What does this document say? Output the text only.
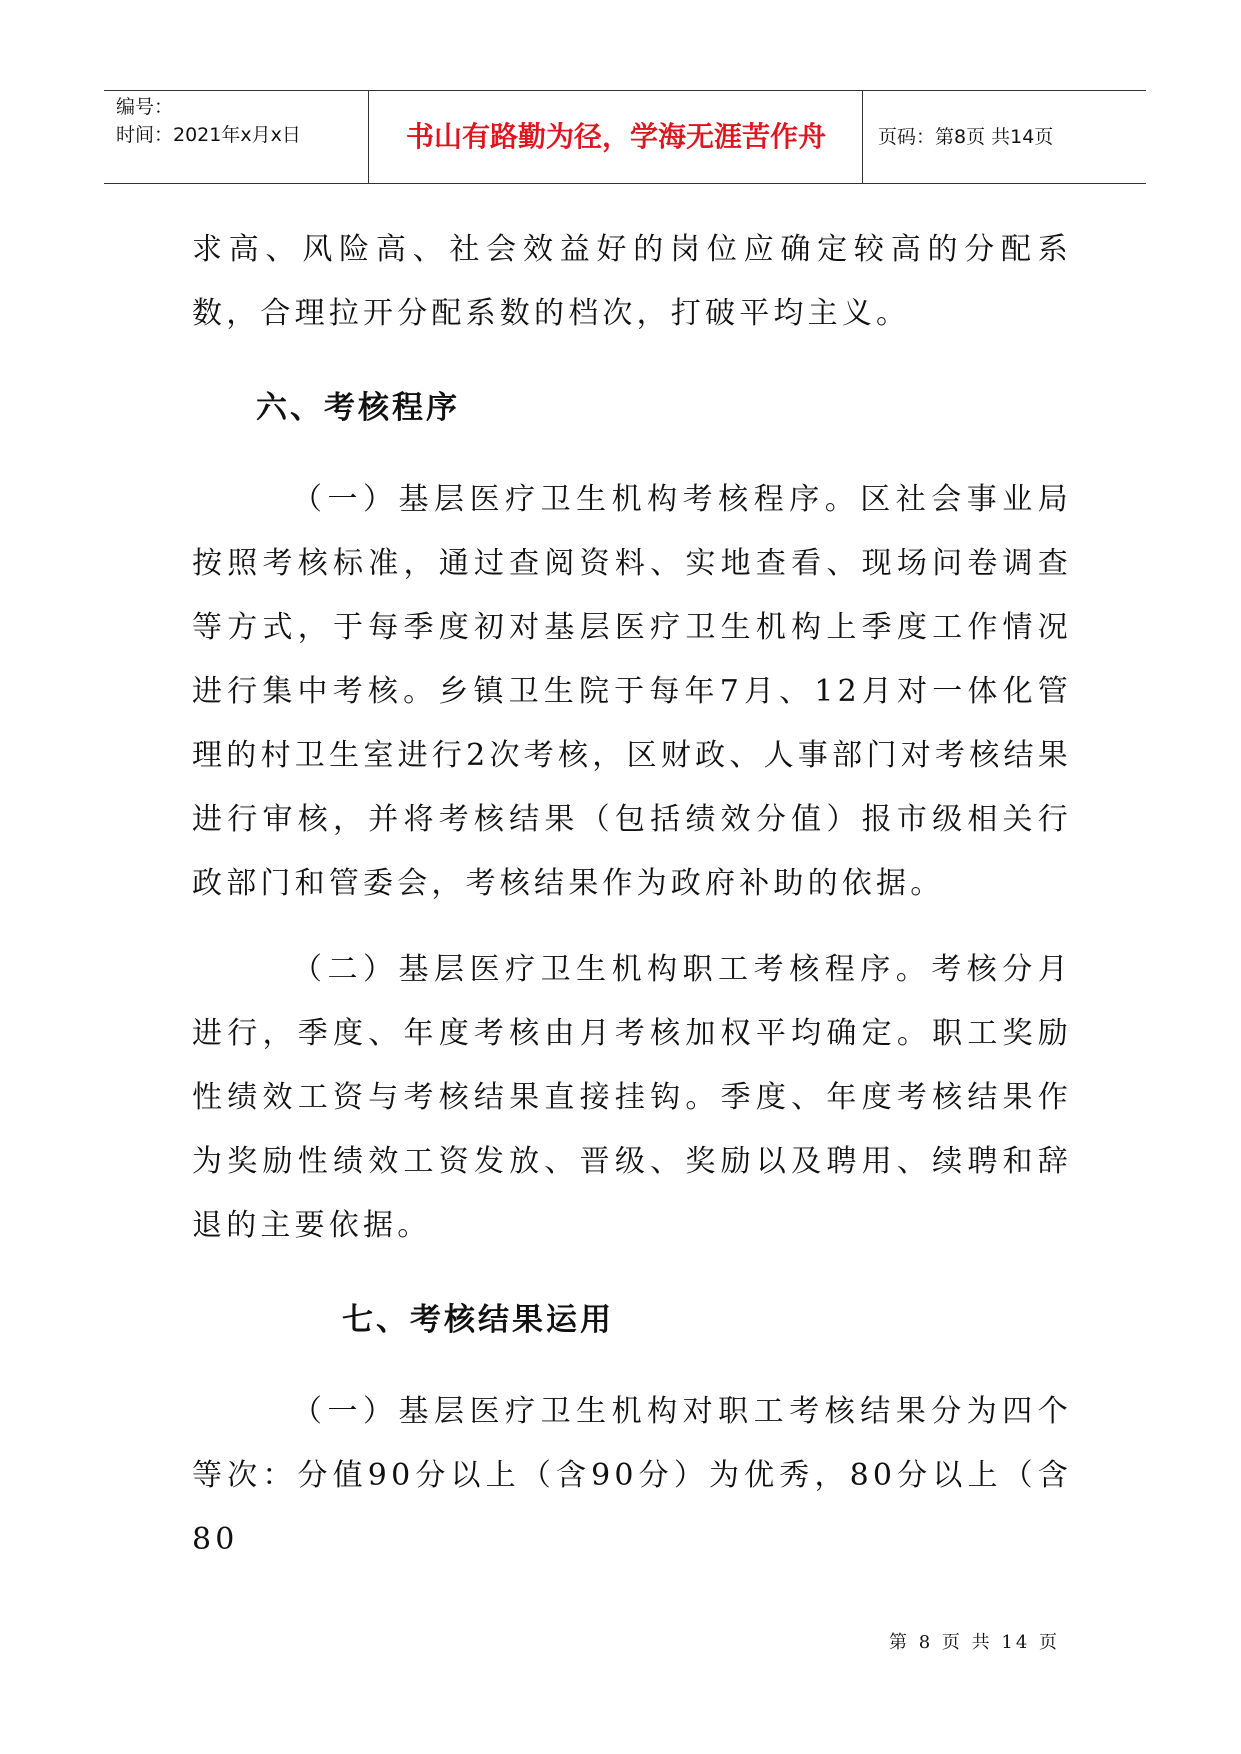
编号：
时间：2021年x月x日	书山有路勤为径，学海无涯苦作舟	页码：第8页 共14页

求高、风险高、社会效益好的岗位应确定较高的分配系数，合理拉开分配系数的档次，打破平均主义。

六、考核程序

（一）基层医疗卫生机构考核程序。区社会事业局按照考核标准，通过查阅资料、实地查看、现场问卷调查等方式，于每季度初对基层医疗卫生机构上季度工作情况进行集中考核。乡镇卫生院于每年7月、12月对一体化管理的村卫生室进行2次考核，区财政、人事部门对考核结果进行审核，并将考核结果（包括绩效分值）报市级相关行政部门和管委会，考核结果作为政府补助的依据。

（二）基层医疗卫生机构职工考核程序。考核分月进行，季度、年度考核由月考核加权平均确定。职工奖励性绩效工资与考核结果直接挂钩。季度、年度考核结果作为奖励性绩效工资发放、晋级、奖励以及聘用、续聘和辞退的主要依据。

七、考核结果运用

（一）基层医疗卫生机构对职工考核结果分为四个等次：分值90分以上（含90分）为优秀，80分以上（含80

第 8 页 共 14 页
